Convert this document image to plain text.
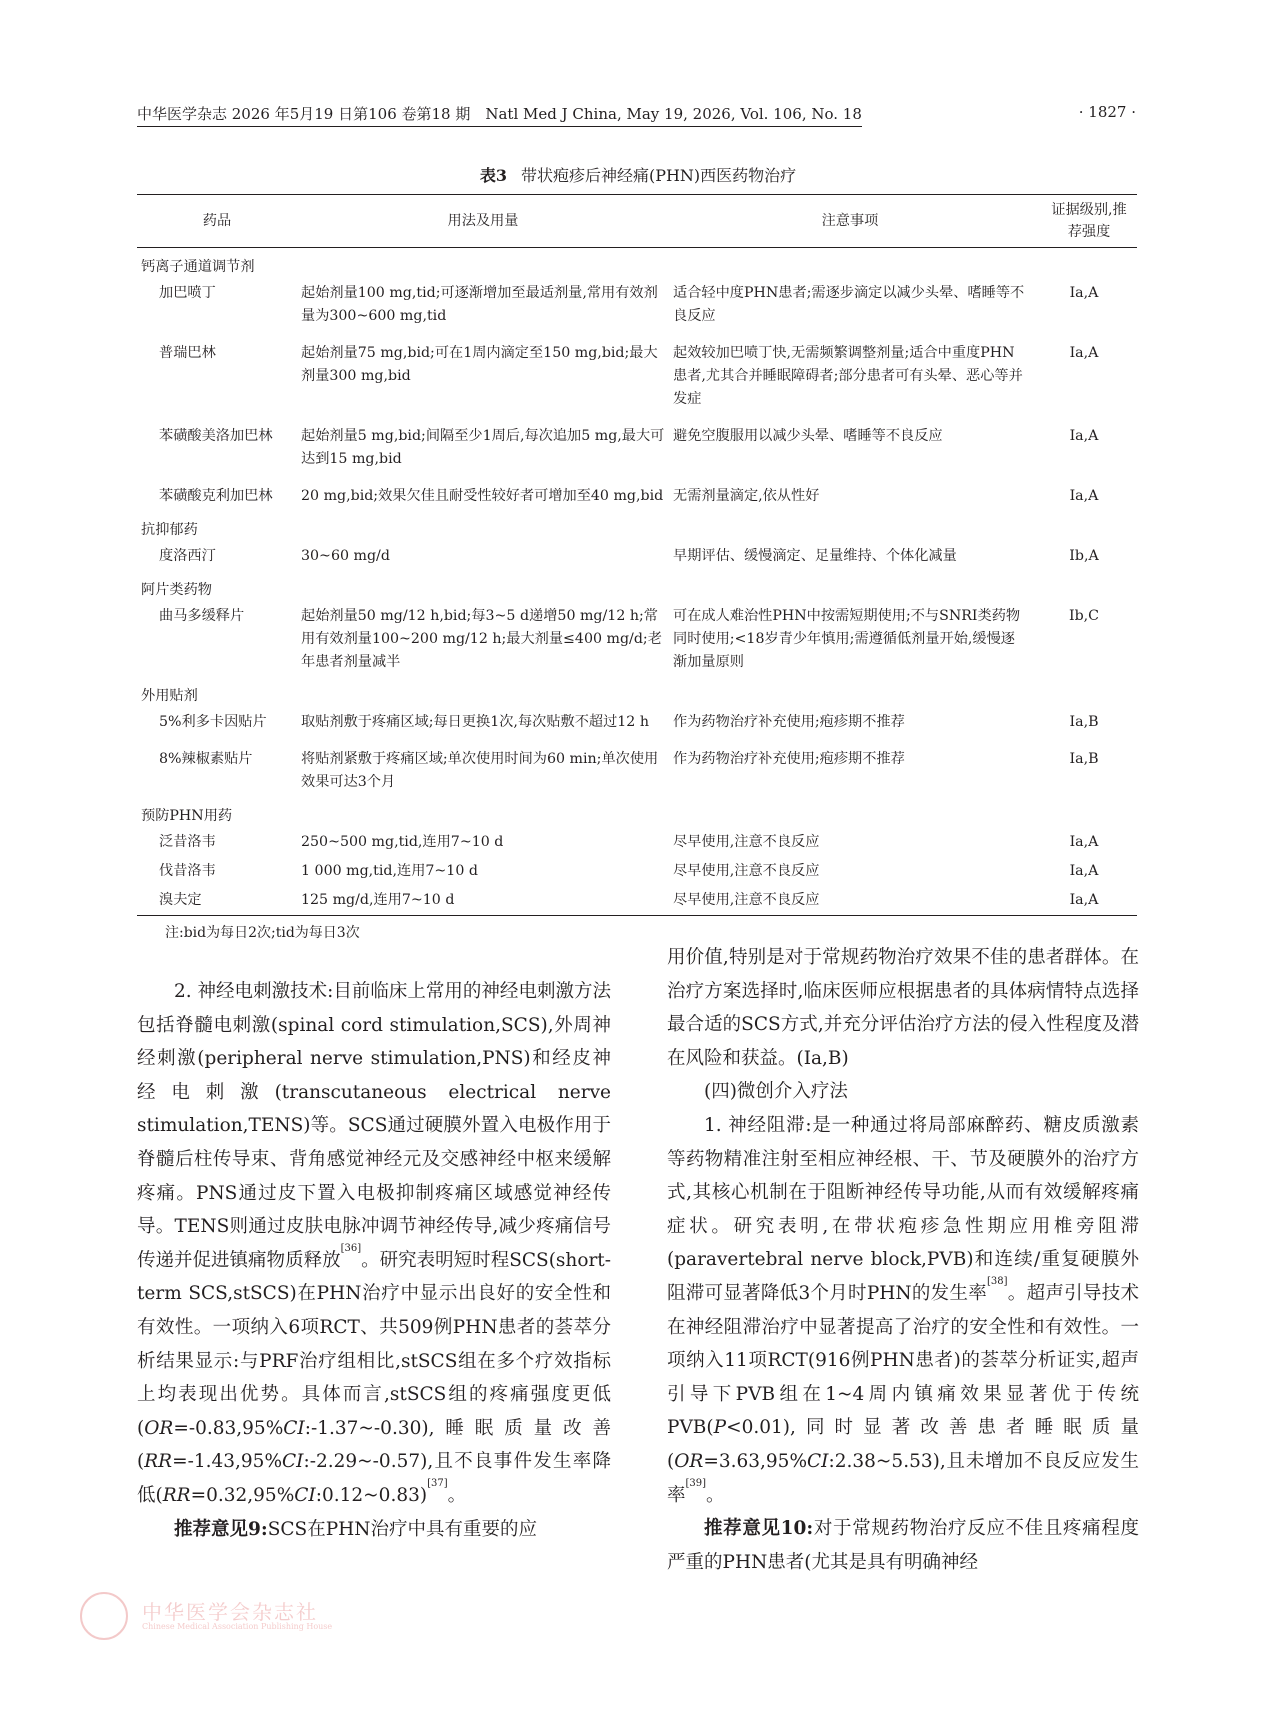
中华医学杂志 2026 年5月19 日第106 卷第18 期　Natl Med J China, May 19, 2026, Vol. 106, No. 18	· 1827 ·
表3 带状疱疹后神经痛(PHN)西医药物治疗
药品	用法及用量	注意事项	证据级别,推荐强度
钙离子通道调节剂			
加巴喷丁	起始剂量100 mg,tid;可逐渐增加至最适剂量,常用有效剂量为300~600 mg,tid	适合轻中度PHN患者;需逐步滴定以减少头晕、嗜睡等不良反应	Ⅰa,A
普瑞巴林	起始剂量75 mg,bid;可在1周内滴定至150 mg,bid;最大剂量300 mg,bid	起效较加巴喷丁快,无需频繁调整剂量;适合中重度PHN患者,尤其合并睡眠障碍者;部分患者可有头晕、恶心等并发症	Ⅰa,A
苯磺酸美洛加巴林	起始剂量5 mg,bid;间隔至少1周后,每次追加5 mg,最大可达到15 mg,bid	避免空腹服用以减少头晕、嗜睡等不良反应	Ⅰa,A
苯磺酸克利加巴林	20 mg,bid;效果欠佳且耐受性较好者可增加至40 mg,bid	无需剂量滴定,依从性好	Ⅰa,A
抗抑郁药			
度洛西汀	30~60 mg/d	早期评估、缓慢滴定、足量维持、个体化减量	Ⅰb,A
阿片类药物			
曲马多缓释片	起始剂量50 mg/12 h,bid;每3~5 d递增50 mg/12 h;常用有效剂量100~200 mg/12 h;最大剂量≤400 mg/d;老年患者剂量减半	可在成人难治性PHN中按需短期使用;不与SNRI类药物同时使用;<18岁青少年慎用;需遵循低剂量开始,缓慢逐渐加量原则	Ⅰb,C
外用贴剂			
5%利多卡因贴片	取贴剂敷于疼痛区域;每日更换1次,每次贴敷不超过12 h	作为药物治疗补充使用;疱疹期不推荐	Ⅰa,B
8%辣椒素贴片	将贴剂紧敷于疼痛区域;单次使用时间为60 min;单次使用效果可达3个月	作为药物治疗补充使用;疱疹期不推荐	Ⅰa,B
预防PHN用药			
泛昔洛韦	250~500 mg,tid,连用7~10 d	尽早使用,注意不良反应	Ⅰa,A
伐昔洛韦	1 000 mg,tid,连用7~10 d	尽早使用,注意不良反应	Ⅰa,A
溴夫定	125 mg/d,连用7~10 d	尽早使用,注意不良反应	Ⅰa,A
注:bid为每日2次;tid为每日3次

2. 神经电刺激技术:目前临床上常用的神经电刺激方法包括脊髓电刺激(spinal cord stimulation,SCS),外周神经刺激(peripheral nerve stimulation,PNS)和经皮神经电刺激(transcutaneous electrical nerve stimulation,TENS)等。SCS通过硬膜外置入电极作用于脊髓后柱传导束、背角感觉神经元及交感神经中枢来缓解疼痛。PNS通过皮下置入电极抑制疼痛区域感觉神经传导。TENS则通过皮肤电脉冲调节神经传导,减少疼痛信号传递并促进镇痛物质释放[36]。研究表明短时程SCS(short-term SCS,stSCS)在PHN治疗中显示出良好的安全性和有效性。一项纳入6项RCT、共509例PHN患者的荟萃分析结果显示:与PRF治疗组相比,stSCS组在多个疗效指标上均表现出优势。具体而言,stSCS组的疼痛强度更低(OR=-0.83,95%CI:-1.37~-0.30),睡眠质量改善(RR=-1.43,95%CI:-2.29~-0.57),且不良事件发生率降低(RR=0.32,95%CI:0.12~0.83)[37]。

推荐意见9:SCS在PHN治疗中具有重要的应

用价值,特别是对于常规药物治疗效果不佳的患者群体。在治疗方案选择时,临床医师应根据患者的具体病情特点选择最合适的SCS方式,并充分评估治疗方法的侵入性程度及潜在风险和获益。(Ⅰa,B)

(四)微创介入疗法

1. 神经阻滞:是一种通过将局部麻醉药、糖皮质激素等药物精准注射至相应神经根、干、节及硬膜外的治疗方式,其核心机制在于阻断神经传导功能,从而有效缓解疼痛症状。研究表明,在带状疱疹急性期应用椎旁阻滞(paravertebral nerve block,PVB)和连续/重复硬膜外阻滞可显著降低3个月时PHN的发生率[38]。超声引导技术在神经阻滞治疗中显著提高了治疗的安全性和有效性。一项纳入11项RCT(916例PHN患者)的荟萃分析证实,超声引导下PVB组在1~4周内镇痛效果显著优于传统PVB(P<0.01),同时显著改善患者睡眠质量(OR=3.63,95%CI:2.38~5.53),且未增加不良反应发生率[39]。

推荐意见10:对于常规药物治疗反应不佳且疼痛程度严重的PHN患者(尤其是具有明确神经

中华医学会杂志社
Chinese Medical Association Publishing House
